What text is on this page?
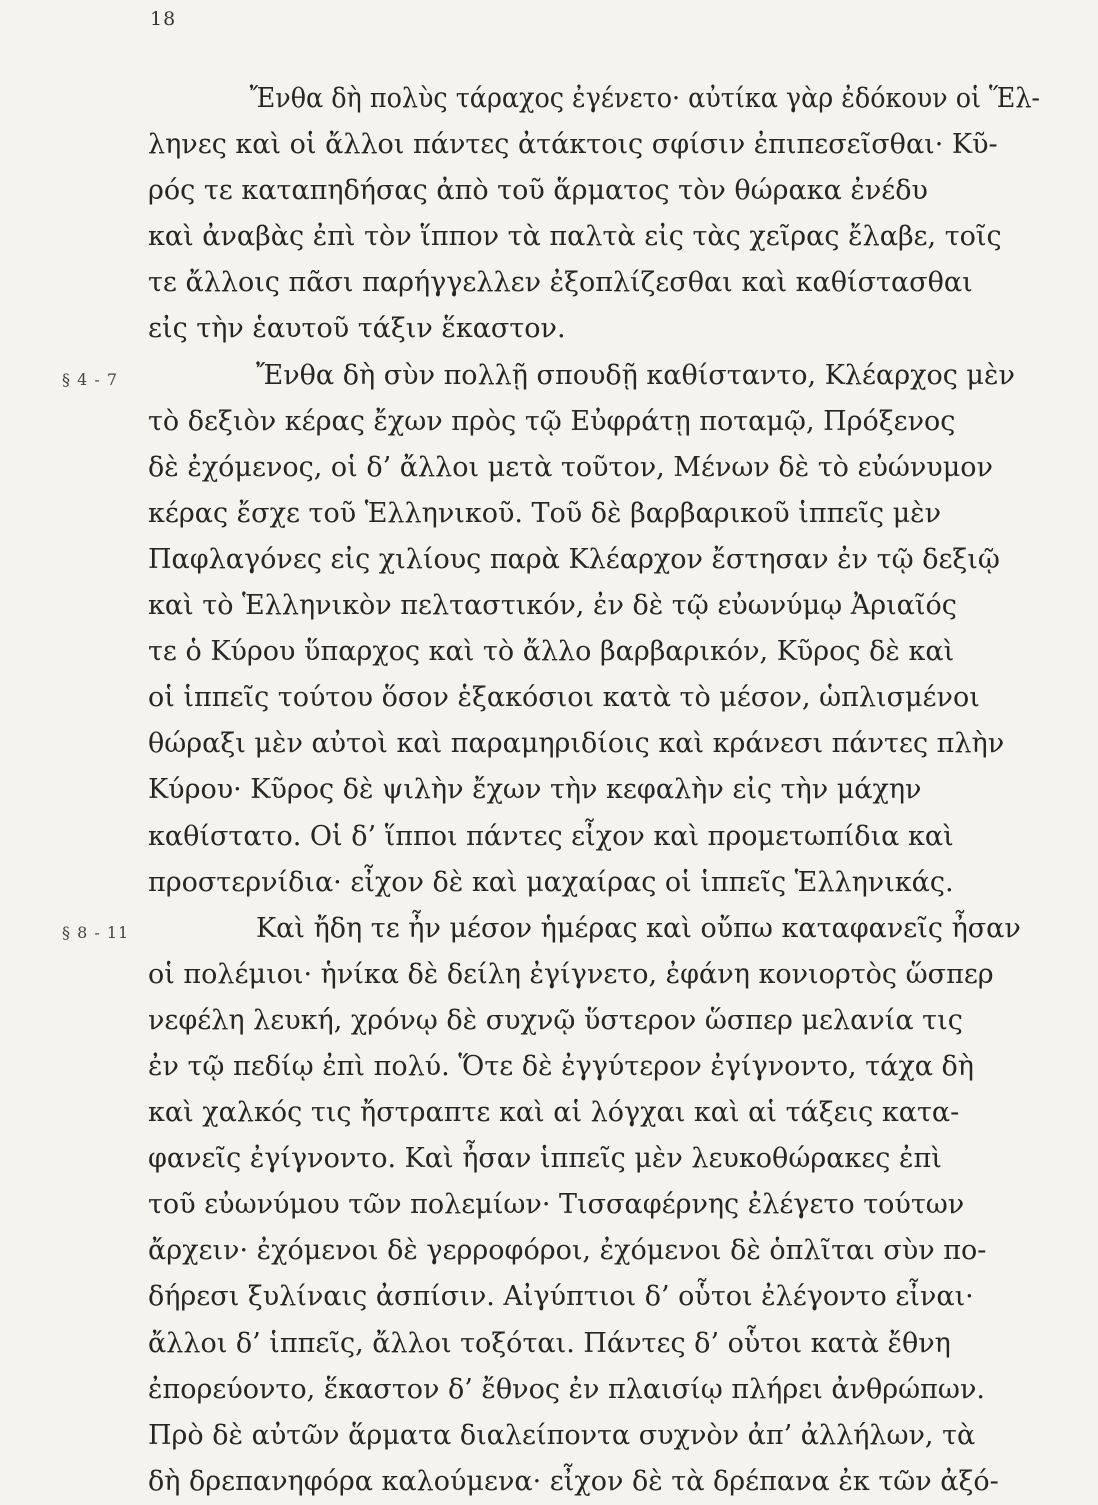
18
Ἔνθα δὴ πολὺς τάραχος ἐγένετο· αὐτίκα γὰρ ἐδόκουν οἱ Ἕλ-
ληνες καὶ οἱ ἄλλοι πάντες ἀτάκτοις σφίσιν ἐπιπεσεῖσθαι· Κῦ-
ρός τε καταπηδήσας ἀπὸ τοῦ ἅρματος τὸν θώρακα ἐνέδυ
καὶ ἀναβὰς ἐπὶ τὸν ἵππον τὰ παλτὰ εἰς τὰς χεῖρας ἔλαβε, τοῖς
τε ἄλλοις πᾶσι παρήγγελλεν ἐξοπλίζεσθαι καὶ καθίστασθαι
εἰς τὴν ἑαυτοῦ τάξιν ἕκαστον.
§ 4 - 7	Ἔνθα δὴ σὺν πολλῇ σπουδῇ καθίσταντο, Κλέαρχος μὲν
τὸ δεξιὸν κέρας ἔχων πρὸς τῷ Εὐφράτῃ ποταμῷ, Πρόξενος
δὲ ἐχόμενος, οἱ δ’ ἄλλοι μετὰ τοῦτον, Μένων δὲ τὸ εὐώνυμον
κέρας ἔσχε τοῦ Ἑλληνικοῦ. Τοῦ δὲ βαρβαρικοῦ ἱππεῖς μὲν
Παφλαγόνες εἰς χιλίους παρὰ Κλέαρχον ἔστησαν ἐν τῷ δεξιῷ
καὶ τὸ Ἑλληνικὸν πελταστικόν, ἐν δὲ τῷ εὐωνύμῳ Ἀριαῖός
τε ὁ Κύρου ὕπαρχος καὶ τὸ ἄλλο βαρβαρικόν, Κῦρος δὲ καὶ
οἱ ἱππεῖς τούτου ὅσον ἑξακόσιοι κατὰ τὸ μέσον, ὡπλισμένοι
θώραξι μὲν αὐτοὶ καὶ παραμηριδίοις καὶ κράνεσι πάντες πλὴν
Κύρου· Κῦρος δὲ ψιλὴν ἔχων τὴν κεφαλὴν εἰς τὴν μάχην
καθίστατο. Οἱ δ’ ἵπποι πάντες εἶχον καὶ προμετωπίδια καὶ
προστερνίδια· εἶχον δὲ καὶ μαχαίρας οἱ ἱππεῖς Ἑλληνικάς.
§ 8 - 11	Καὶ ἤδη τε ἦν μέσον ἡμέρας καὶ οὔπω καταφανεῖς ἦσαν
οἱ πολέμιοι· ἡνίκα δὲ δείλη ἐγίγνετο, ἐφάνη κονιορτὸς ὥσπερ
νεφέλη λευκή, χρόνῳ δὲ συχνῷ ὕστερον ὥσπερ μελανία τις
ἐν τῷ πεδίῳ ἐπὶ πολύ. Ὅτε δὲ ἐγγύτερον ἐγίγνοντο, τάχα δὴ
καὶ χαλκός τις ἤστραπτε καὶ αἱ λόγχαι καὶ αἱ τάξεις κατα-
φανεῖς ἐγίγνοντο. Καὶ ἦσαν ἱππεῖς μὲν λευκοθώρακες ἐπὶ
τοῦ εὐωνύμου τῶν πολεμίων· Τισσαφέρνης ἐλέγετο τούτων
ἄρχειν· ἐχόμενοι δὲ γερροφόροι, ἐχόμενοι δὲ ὁπλῖται σὺν πο-
δήρεσι ξυλίναις ἀσπίσιν. Αἰγύπτιοι δ’ οὗτοι ἐλέγοντο εἶναι·
ἄλλοι δ’ ἱππεῖς, ἄλλοι τοξόται. Πάντες δ’ οὗτοι κατὰ ἔθνη
ἐπορεύοντο, ἕκαστον δ’ ἔθνος ἐν πλαισίῳ πλήρει ἀνθρώπων.
Πρὸ δὲ αὐτῶν ἅρματα διαλείποντα συχνὸν ἀπ’ ἀλλήλων, τὰ
δὴ δρεπανηφόρα καλούμενα· εἶχον δὲ τὰ δρέπανα ἐκ τῶν ἀξό-
